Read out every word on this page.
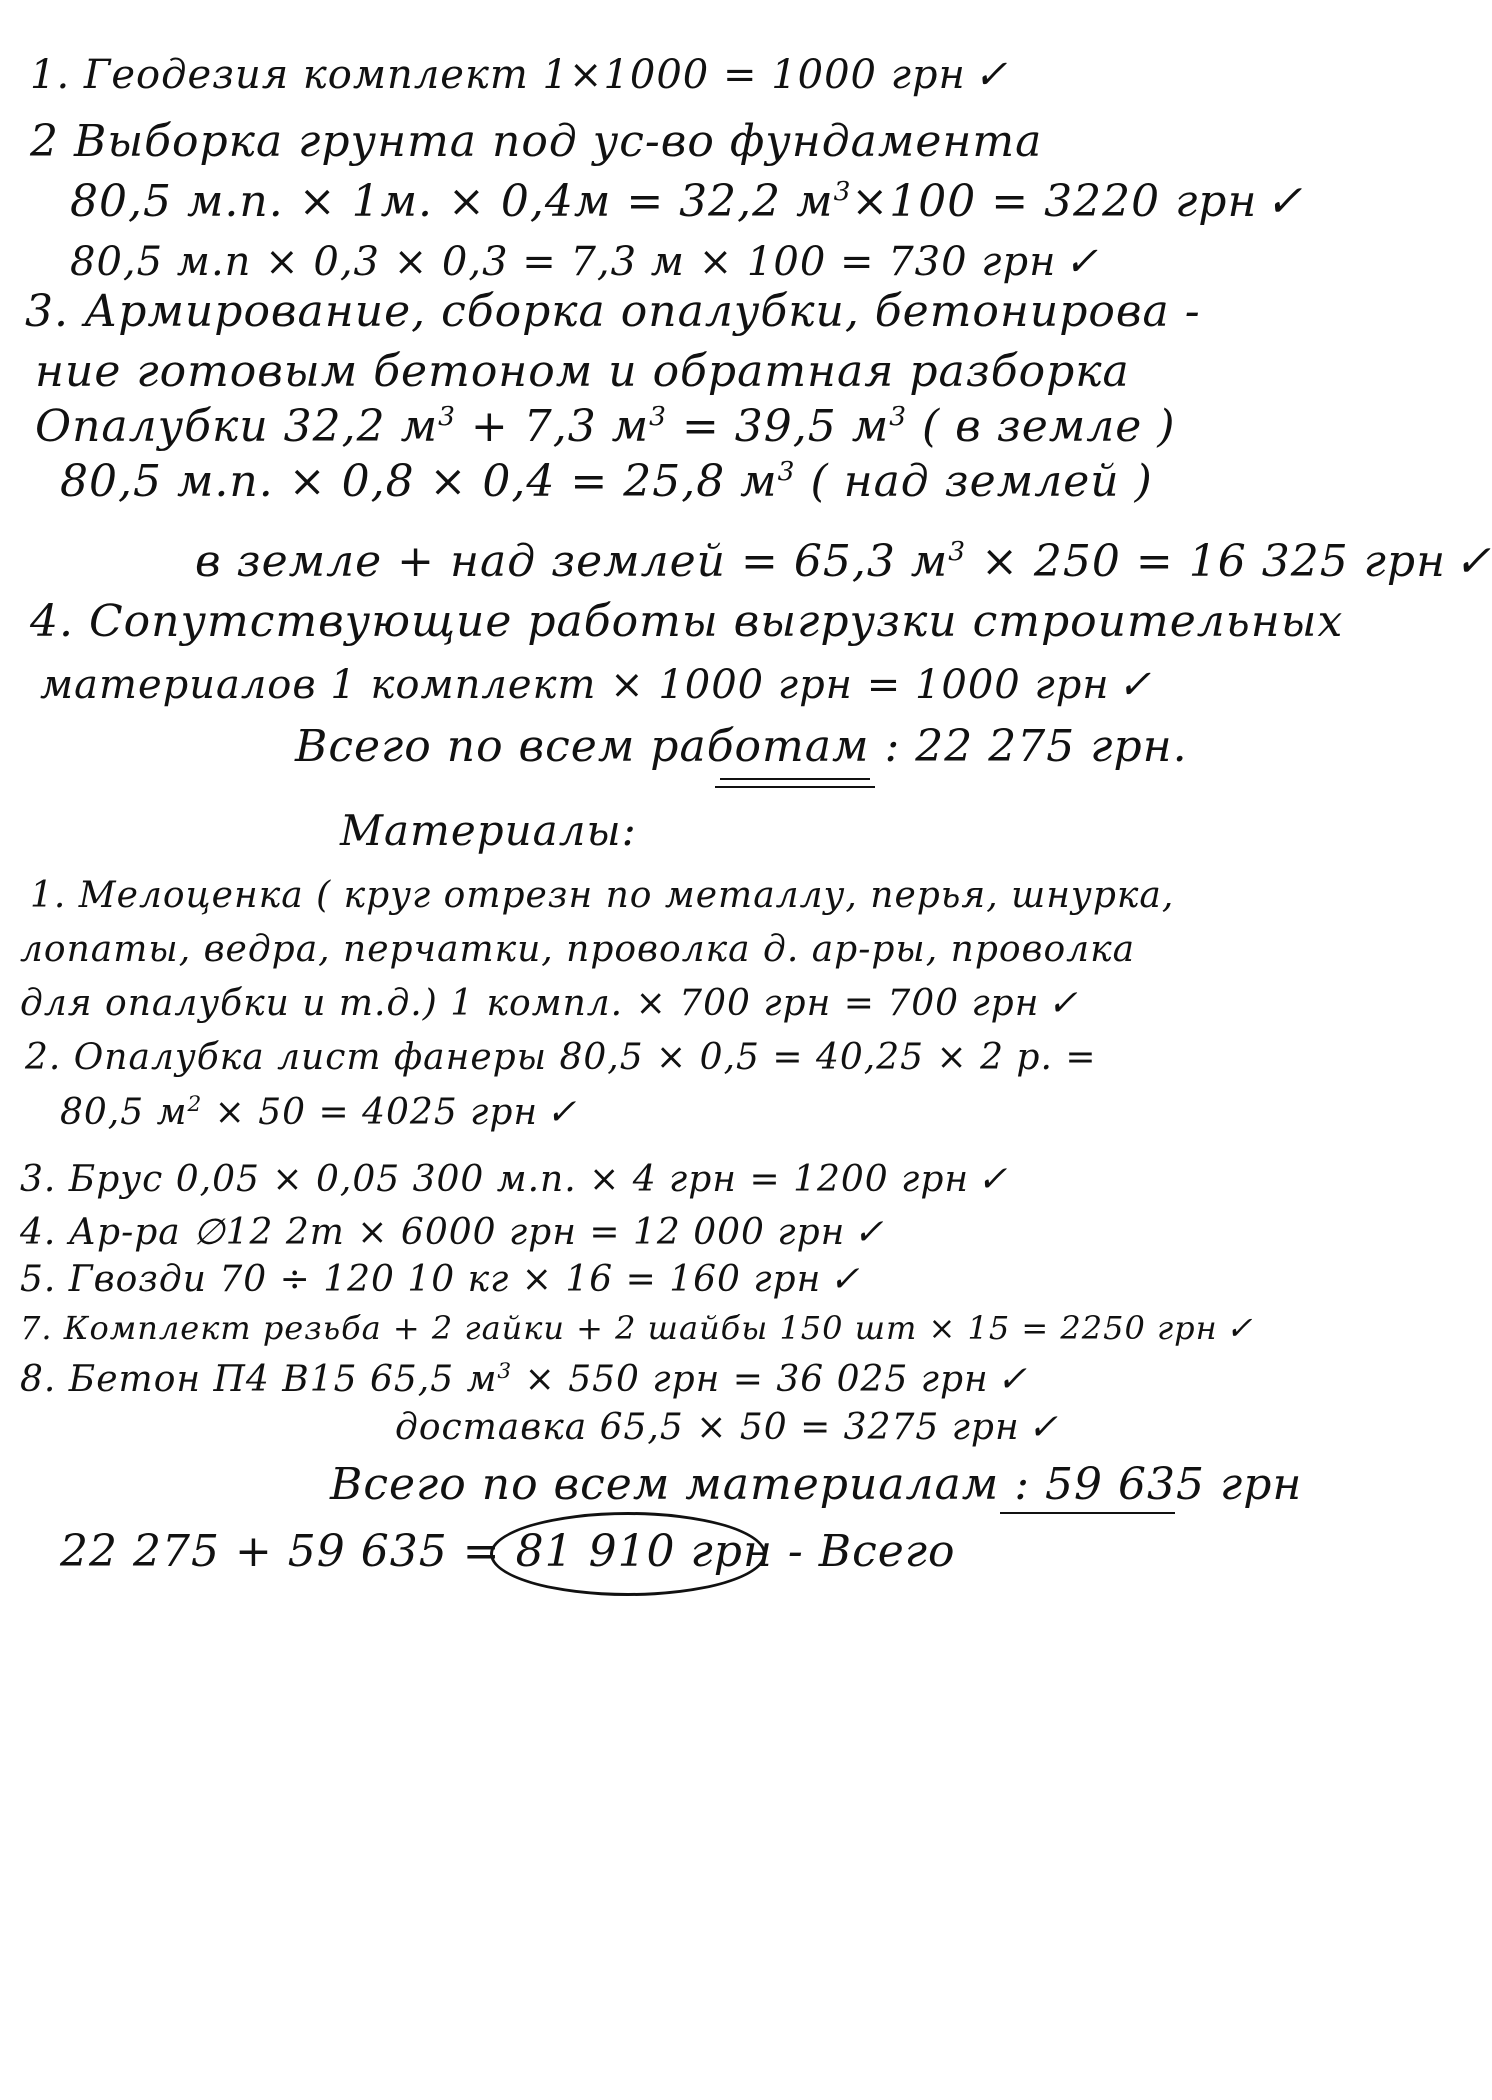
1. Геодезия комплект 1×1000 = 1000 грн ✓
2 Выборка грунта под ус-во фундамента
80,5 м.п. × 1м. × 0,4м = 32,2 $м^3\times 100 = 3220$ грн ✓
80,5 м.п × 0,3 × 0,3 = 7,3 м × 100 = 730 грн ✓
3. Армирование, сборка опалубки, бетонирова -
ние готовым бетоном и обратная разборка
Опалубки 32,2 $м^3 + 7,3$ $м^3 = 39,5$ $м^3$ ( в земле )
80,5 м.п. × 0,8 × 0,4 = 25,8 $м^3$ ( над землей )
в земле + над землей = 65,3 $м^3 \times 250 = 16$ 325 грн ✓
4. Сопутствующие работы выгрузки строительных
материалов 1 комплект × 1000 грн = 1000 грн ✓
Всего по всем работам : 22 275 грн.
Материалы:
1. Мелоценка ( круг отрезн по металлу, перья, шнурка,
лопаты, ведра, перчатки, проволка д. ар-ры, проволка
для опалубки и т.д.) 1 компл. × 700 грн = 700 грн ✓
2. Опалубка лист фанеры 80,5 × 0,5 = 40,25 × 2 р. =
80,5 $м^2 \times 50 = 4025$ грн ✓
3. Брус 0,05 × 0,05 300 м.п. × 4 грн = 1200 грн ✓
4. Ар-ра ∅12 2т × 6000 грн = 12 000 грн ✓
5. Гвозди 70 ÷ 120 10 кг × 16 = 160 грн ✓
7. Комплект резьба + 2 гайки + 2 шайбы 150 шт × 15 = 2250 грн ✓
8. Бетон П4 В15 65,5 $м^3 \times 550$ грн = 36 025 грн ✓
доставка 65,5 × 50 = 3275 грн ✓
Всего по всем материалам : 59 635 грн
22 275 + 59 635 = 81 910 грн - Всего
